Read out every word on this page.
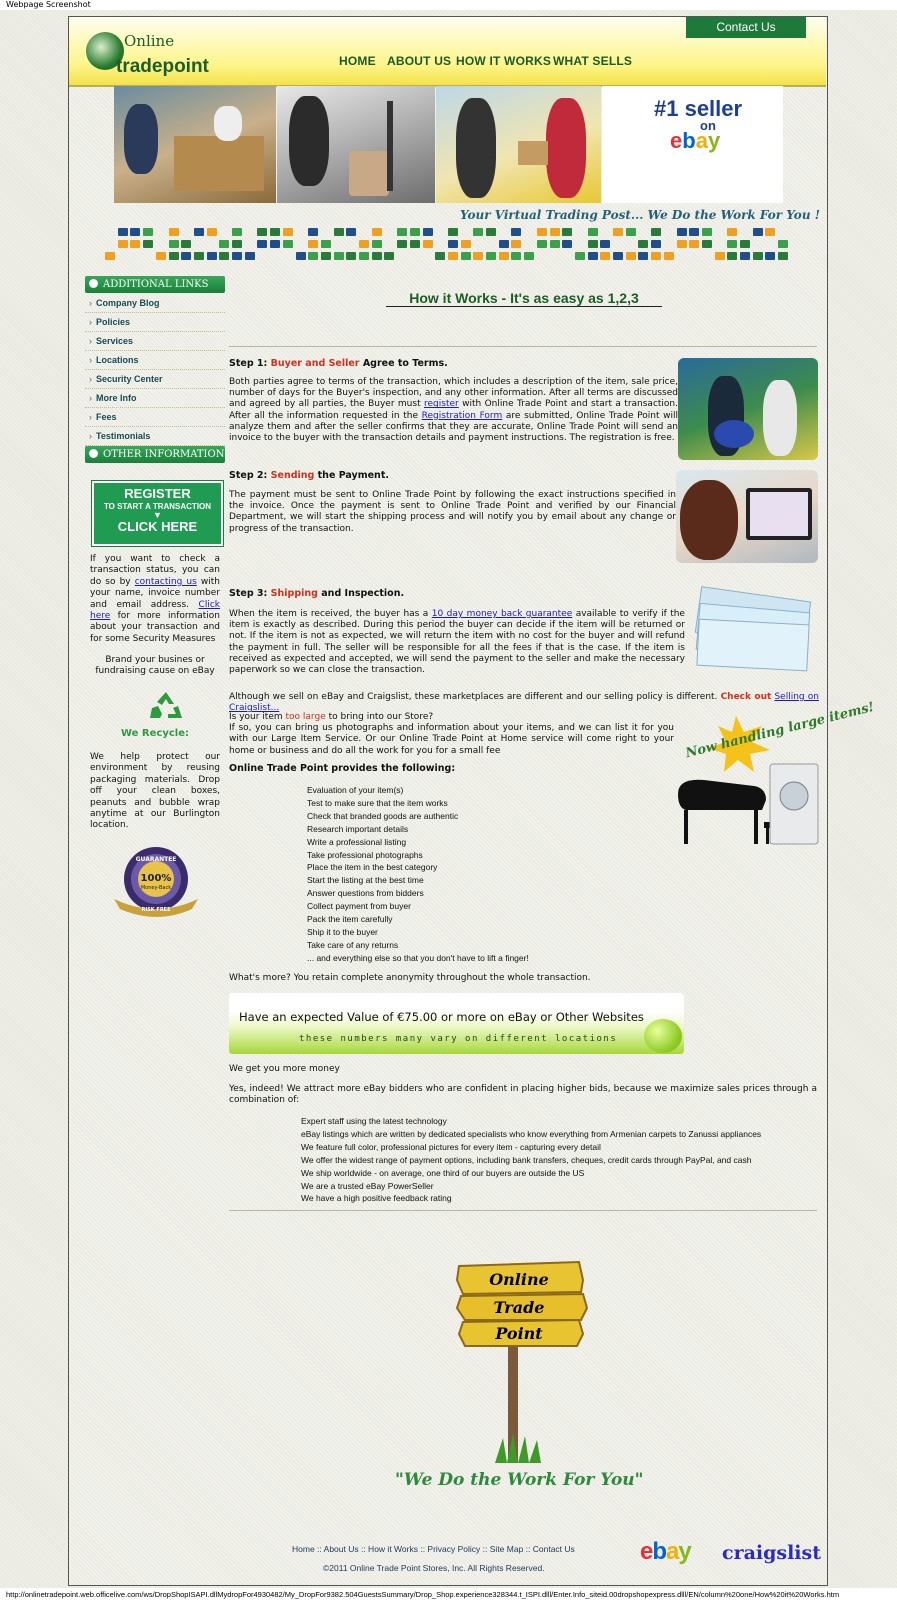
Webpage Screenshot
Contact Us
Online
tradepoint	HOME ABOUT US HOW IT WORKS WHAT SELLS
#1 seller
on
ebay
Your Virtual Trading Post... We Do the Work For You !
ADDITIONAL LINKS
› Company Blog
› Policies
› Services
› Locations
› Security Center
› More Info
› Fees
› Testimonials
OTHER INFORMATION
REGISTER
TO START A TRANSACTION
▼
CLICK HERE
If you want to check a transaction status, you can do so by contacting us with your name, invoice number and email address. Click here for more information about your transaction and for some Security Measures
Brand your busines or fundraising cause on eBay
We Recycle:
We help protect our environment by reusing packaging materials. Drop off your clean boxes, peanuts and bubble wrap anytime at our Burlington location.
GUARANTEE
100%
Money-Back
RISK FREE
How it Works - It's as easy as 1,2,3
Step 1: Buyer and Seller Agree to Terms.
Both parties agree to terms of the transaction, which includes a description of the item, sale price, number of days for the Buyer's inspection, and any other information. After all terms are discussed and agreed by all parties, the Buyer must register with Online Trade Point and start a transaction. After all the information requested in the Registration Form are submitted, Online Trade Point will analyze them and after the seller confirms that they are accurate, Online Trade Point will send an invoice to the buyer with the transaction details and payment instructions. The registration is free.
Step 2: Sending the Payment.
The payment must be sent to Online Trade Point by following the exact instructions specified in the invoice. Once the payment is sent to Online Trade Point and verified by our Financial Department, we will start the shipping process and will notify you by email about any change or progress of the transaction.
Step 3: Shipping and Inspection.
When the item is received, the buyer has a 10 day money back guarantee available to verify if the item is exactly as described. During this period the buyer can decide if the item will be returned or not. If the item is not as expected, we will return the item with no cost for the buyer and will refund the payment in full. The seller will be responsible for all the fees if that is the case. If the item is received as expected and accepted, we will send the payment to the seller and make the necessary paperwork so we can close the transaction.
Although we sell on eBay and Craigslist, these marketplaces are different and our selling policy is different. Check out Selling on Craigslist...
Is your item too large to bring into our Store?
If so, you can bring us photographs and information about your items, and we can list it for you with our Large Item Service. Or our Online Trade Point at Home service will come right to your home or business and do all the work for you for a small fee
Online Trade Point provides the following:
Now handling large items!
Evaluation of your item(s)
Test to make sure that the item works
Check that branded goods are authentic
Research important details
Write a professional listing
Take professional photographs
Place the item in the best category
Start the listing at the best time
Answer questions from bidders
Collect payment from buyer
Pack the item carefully
Ship it to the buyer
Take care of any returns
... and everything else so that you don't have to lift a finger!
What's more? You retain complete anonymity throughout the whole transaction.
Have an expected Value of €75.00 or more on eBay or Other Websites
these numbers many vary on different locations
We get you more money
Yes, indeed! We attract more eBay bidders who are confident in placing higher bids, because we maximize sales prices through a combination of:
Expert staff using the latest technology
eBay listings which are written by dedicated specialists who know everything from Armenian carpets to Zanussi appliances
We feature full color, professional pictures for every item - capturing every detail
We offer the widest range of payment options, including bank transfers, cheques, credit cards through PayPal, and cash
We ship worldwide - on average, one third of our buyers are outside the US
We are a trusted eBay PowerSeller
We have a high positive feedback rating
Online
Trade
Point
"We Do the Work For You"
Home :: About Us :: How it Works :: Privacy Policy :: Site Map :: Contact Us
©2011 Online Trade Point Stores, Inc. All Rights Reserved.
ebay craigslist
http://onlinetradepoint.web.officelive.com/ws/DropShopISAPI.dllMydropFor4930482/My_DropFor9382.504GuestsSummary/Drop_Shop.experience328344.t_ISPI.dlll/Enter.Info_siteid.00dropshopexpress.dlll/EN/column%20one/How%20it%20Works.htm
